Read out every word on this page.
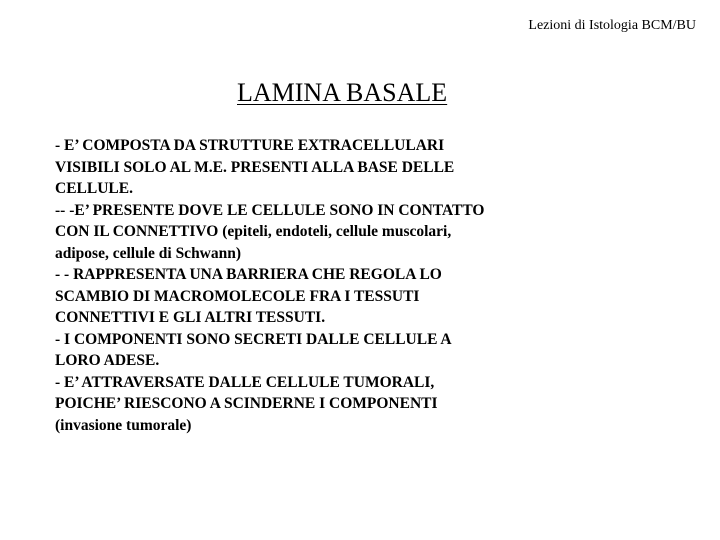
Lezioni di Istologia BCM/BU
LAMINA BASALE
- E’ COMPOSTA DA STRUTTURE EXTRACELLULARI
VISIBILI SOLO AL M.E. PRESENTI ALLA BASE DELLE
CELLULE.
-- -E’ PRESENTE DOVE LE CELLULE SONO IN CONTATTO
CON IL CONNETTIVO (epiteli, endoteli, cellule muscolari,
adipose, cellule di Schwann)
- - RAPPRESENTA UNA BARRIERA CHE REGOLA LO
SCAMBIO DI MACROMOLECOLE FRA I TESSUTI
CONNETTIVI E GLI ALTRI TESSUTI.
- I COMPONENTI SONO SECRETI DALLE CELLULE A
LORO ADESE.
- E’ ATTRAVERSATE DALLE CELLULE TUMORALI,
POICHE’ RIESCONO A SCINDERNE I COMPONENTI
(invasione tumorale)
